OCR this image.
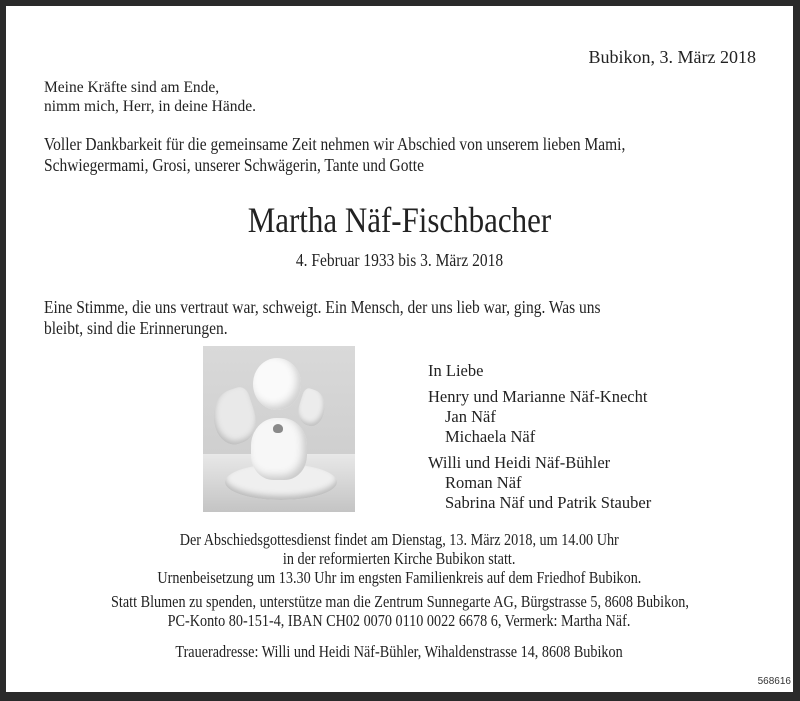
Bubikon, 3. März 2018
Meine Kräfte sind am Ende,
nimm mich, Herr, in deine Hände.
Voller Dankbarkeit für die gemeinsame Zeit nehmen wir Abschied von unserem lieben Mami,
Schwiegermami, Grosi, unserer Schwägerin, Tante und Gotte
Martha Näf-Fischbacher
4. Februar 1933 bis 3. März 2018
Eine Stimme, die uns vertraut war, schweigt. Ein Mensch, der uns lieb war, ging. Was uns
bleibt, sind die Erinnerungen.
In Liebe
Henry und Marianne Näf-Knecht
Jan Näf
Michaela Näf
Willi und Heidi Näf-Bühler
Roman Näf
Sabrina Näf und Patrik Stauber
Der Abschiedsgottesdienst findet am Dienstag, 13. März 2018, um 14.00 Uhr
in der reformierten Kirche Bubikon statt.
Urnenbeisetzung um 13.30 Uhr im engsten Familienkreis auf dem Friedhof Bubikon.
Statt Blumen zu spenden, unterstütze man die Zentrum Sunnegarte AG, Bürgstrasse 5, 8608 Bubikon,
PC-Konto 80-151-4, IBAN CH02 0070 0110 0022 6678 6, Vermerk: Martha Näf.
Traueradresse: Willi und Heidi Näf-Bühler, Wihaldenstrasse 14, 8608 Bubikon
568616
